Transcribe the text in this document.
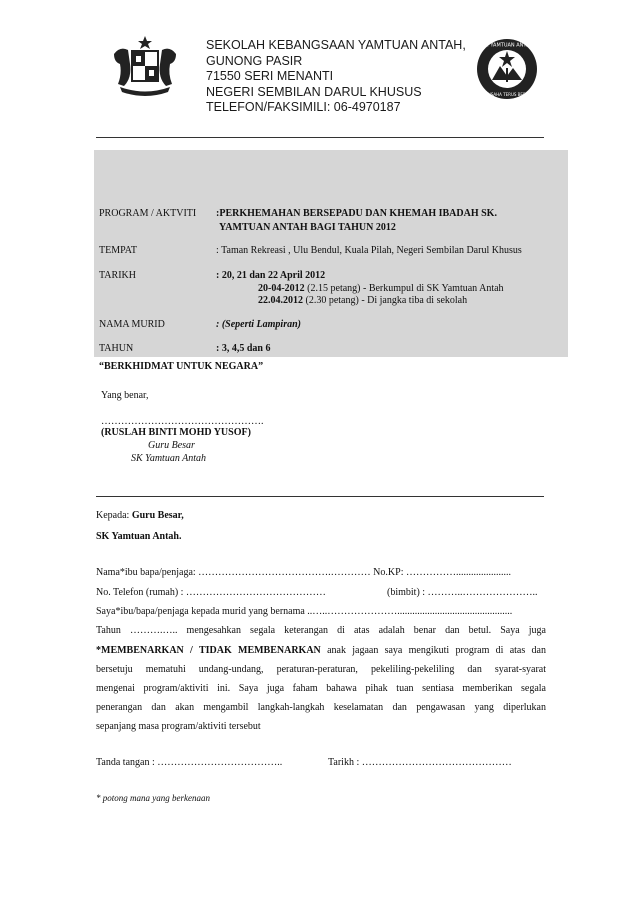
SEKOLAH KEBANGSAAN YAMTUAN ANTAH,
GUNONG PASIR
71550 SERI MENANTI
NEGERI SEMBILAN DARUL KHUSUS
TELEFON/FAKSIMILI: 06-4970187
SK. YAMTUAN ANTAH
BERUSAHA TERUS BERJAYA
PROGRAM / AKTVITI :PERKHEMAHAN BERSEPADU DAN KHEMAH IBADAH SK.
YAMTUAN ANTAH BAGI TAHUN 2012
TEMPAT	: Taman Rekreasi , Ulu Bendul, Kuala Pilah, Negeri Sembilan Darul Khusus
TARIKH	: 20, 21 dan 22 April 2012
20-04-2012 (2.15 petang) - Berkumpul di SK Yamtuan Antah
22.04.2012 (2.30 petang) - Di jangka tiba di sekolah
NAMA MURID	: (Seperti Lampiran)
TAHUN	: 3, 4,5 dan 6
“BERKHIDMAT UNTUK NEGARA”
Yang benar,
………………………………………….
(RUSLAH BINTI MOHD YUSOF)
Guru Besar
SK Yamtuan Antah
Kepada: Guru Besar,
SK Yamtuan Antah.
Nama*ibu bapa/penjaga: ………………………………….………… No.KP: ……………......................
No. Telefon (rumah) : ……………………………………	(bimbit) : ………..…………………..
Saya*ibu/bapa/penjaga kepada murid yang bernama ..…..…………………..............................................
Tahun ……….….. mengesahkan segala keterangan di atas adalah benar dan betul. Saya juga
*MEMBENARKAN / TIDAK MEMBENARKAN anak jagaan saya mengikuti program di atas dan
bersetuju mematuhi undang-undang, peraturan-peraturan, pekeliling-pekeliling dan syarat-syarat
mengenai program/aktiviti ini. Saya juga faham bahawa pihak tuan sentiasa memberikan segala
penerangan dan akan mengambil langkah-langkah keselamatan dan pengawasan yang diperlukan
sepanjang masa program/aktiviti tersebut
Tanda tangan : ………………………………..	Tarikh : ………………………………………
* potong mana yang berkenaan
